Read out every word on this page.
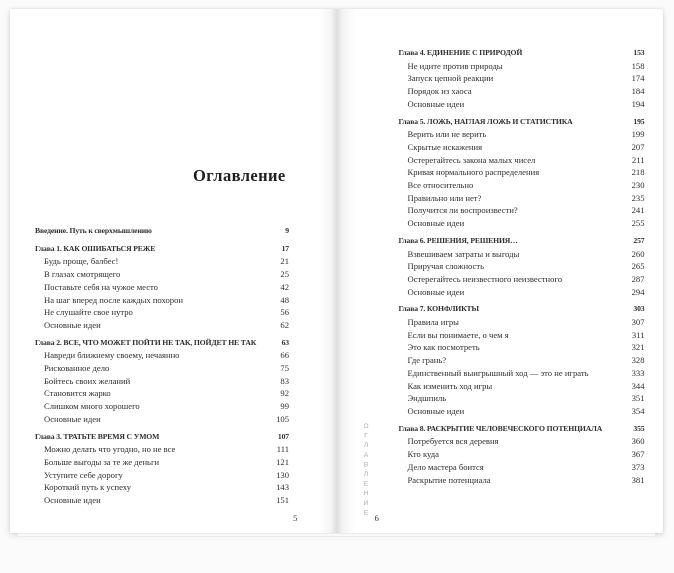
Оглавление
Введение. Путь к сверхмышлению	9
Глава 1. КАК ОШИБАТЬСЯ РЕЖЕ	17
Будь проще, балбес!	21
В глазах смотрящего	25
Поставьте себя на чужое место	42
На шаг вперед после каждых похорон	48
Не слушайте свое нутро	56
Основные идеи	62
Глава 2. ВСЕ, ЧТО МОЖЕТ ПОЙТИ НЕ ТАК, ПОЙДЕТ НЕ ТАК	63
Навреди ближнему своему, нечаянно	66
Рискованное дело	75
Бойтесь своих желаний	83
Становится жарко	92
Слишком много хорошего	99
Основные идеи	105
Глава 3. ТРАТЬТЕ ВРЕМЯ С УМОМ	107
Можно делать что угодно, но не все	111
Больше выгоды за те же деньги	121
Уступите себе дорогу	130
Короткий путь к успеху	143
Основные идеи	151
5
Глава 4. ЕДИНЕНИЕ С ПРИРОДОЙ	153
Не идите против природы	158
Запуск цепной реакции	174
Порядок из хаоса	184
Основные идеи	194
Глава 5. ЛОЖЬ, НАГЛАЯ ЛОЖЬ И СТАТИСТИКА	195
Верить или не верить	199
Скрытые искажения	207
Остерегайтесь закона малых чисел	211
Кривая нормального распределения	218
Все относительно	230
Правильно или нет?	235
Получится ли воспроизвести?	241
Основные идеи	255
Глава 6. РЕШЕНИЯ, РЕШЕНИЯ…	257
Взвешиваем затраты и выгоды	260
Приручая сложность	265
Остерегайтесь неизвестного неизвестного	287
Основные идеи	294
Глава 7. КОНФЛИКТЫ	303
Правила игры	307
Если вы понимаете, о чем я	311
Это как посмотреть	321
Где грань?	328
Единственный выигрышный ход — это не играть	333
Как изменить ход игры	344
Эндшпиль	351
Основные идеи	354
Глава 8. РАСКРЫТИЕ ЧЕЛОВЕЧЕСКОГО ПОТЕНЦИАЛА	355
Потребуется вся деревня	360
Кто куда	367
Дело мастера боится	373
Раскрытие потенциала	381
ОГЛАВЛЕНИЕ 6
